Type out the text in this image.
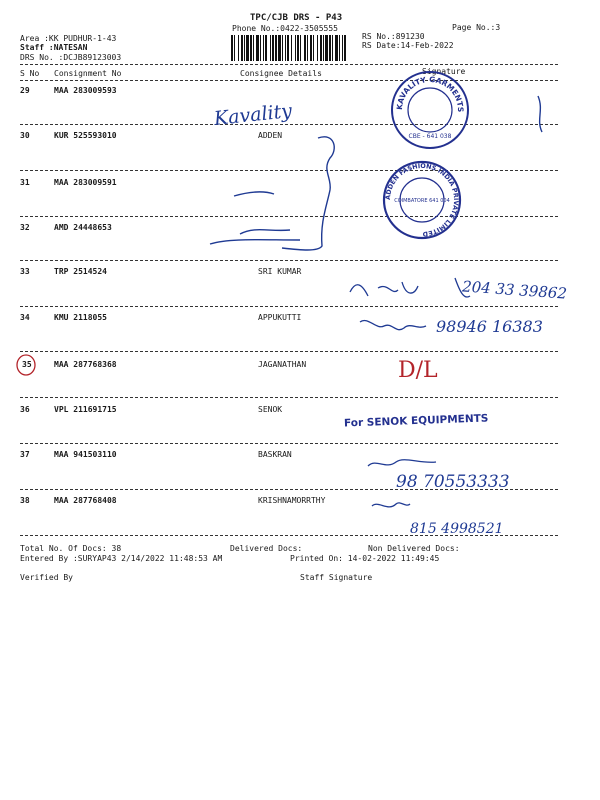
TPC/CJB DRS - P43
Phone No.:0422-3505555	Page No.:3
Area :KK PUDHUR-1-43
Staff :NATESAN
DRS No. :DCJB89123003
RS No.:891230
RS Date:14-Feb-2022
S No Consignment No	Consignee Details	Signature
29	MAA 283009593
30	KUR 525593010	ADDEN
31	MAA 283009591
32	AMD 24448653
33	TRP 2514524	SRI KUMAR
34	KMU 2118055	APPUKUTTI
35	MAA 287768368	JAGANATHAN
36	VPL 211691715	SENOK
37	MAA 941503110	BASKRAN
38	MAA 287768408	KRISHNAMORRTHY
Total No. Of Docs: 38	Delivered Docs:	Non Delivered Docs:
Entered By :SURYAP43 2/14/2022 11:48:53 AM	Printed On: 14-02-2022 11:49:45
Verified By	Staff Signature
Kavality
204 33 39862
98946 16383
D/L
For SENOK EQUIPMENTS
98 70553333
815 4998521
KAVALITY GARMENTS
CBE - 641 038
ADDEN FASHIONS INDIA PRIVATE LIMITED
COIMBATORE 641 004
